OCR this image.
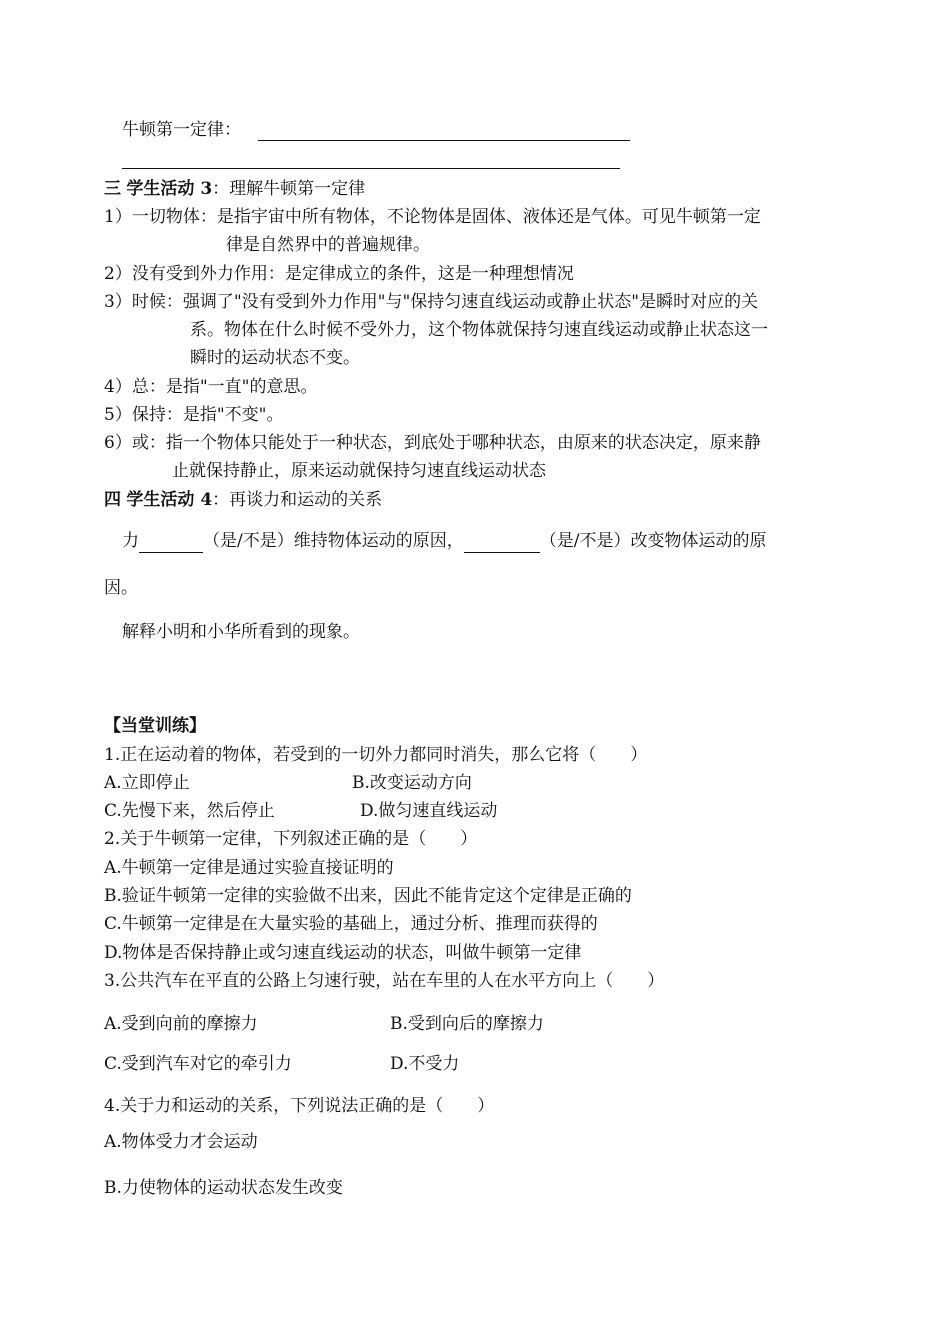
牛顿第一定律：
三 学生活动 3：理解牛顿第一定律
1）一切物体：是指宇宙中所有物体，不论物体是固体、液体还是气体。可见牛顿第一定
律是自然界中的普遍规律。
2）没有受到外力作用：是定律成立的条件，这是一种理想情况
3）时候：强调了"没有受到外力作用"与"保持匀速直线运动或静止状态"是瞬时对应的关
系。物体在什么时候不受外力，这个物体就保持匀速直线运动或静止状态这一
瞬时的运动状态不变。
4）总：是指"一直"的意思。
5）保持：是指"不变"。
6）或：指一个物体只能处于一种状态，到底处于哪种状态，由原来的状态决定，原来静
止就保持静止，原来运动就保持匀速直线运动状态
四 学生活动 4：再谈力和运动的关系
力	（是/不是）维持物体运动的原因，	（是/不是）改变物体运动的原
因。
解释小明和小华所看到的现象。
【当堂训练】
1.正在运动着的物体，若受到的一切外力都同时消失，那么它将（　　）
A.立即停止	B.改变运动方向
C.先慢下来，然后停止	D.做匀速直线运动
2.关于牛顿第一定律，下列叙述正确的是（　　）
A.牛顿第一定律是通过实验直接证明的
B.验证牛顿第一定律的实验做不出来，因此不能肯定这个定律是正确的
C.牛顿第一定律是在大量实验的基础上，通过分析、推理而获得的
D.物体是否保持静止或匀速直线运动的状态，叫做牛顿第一定律
3.公共汽车在平直的公路上匀速行驶，站在车里的人在水平方向上（　　）
A.受到向前的摩擦力	B.受到向后的摩擦力
C.受到汽车对它的牵引力	D.不受力
4.关于力和运动的关系，下列说法正确的是（　　）
A.物体受力才会运动
B.力使物体的运动状态发生改变
